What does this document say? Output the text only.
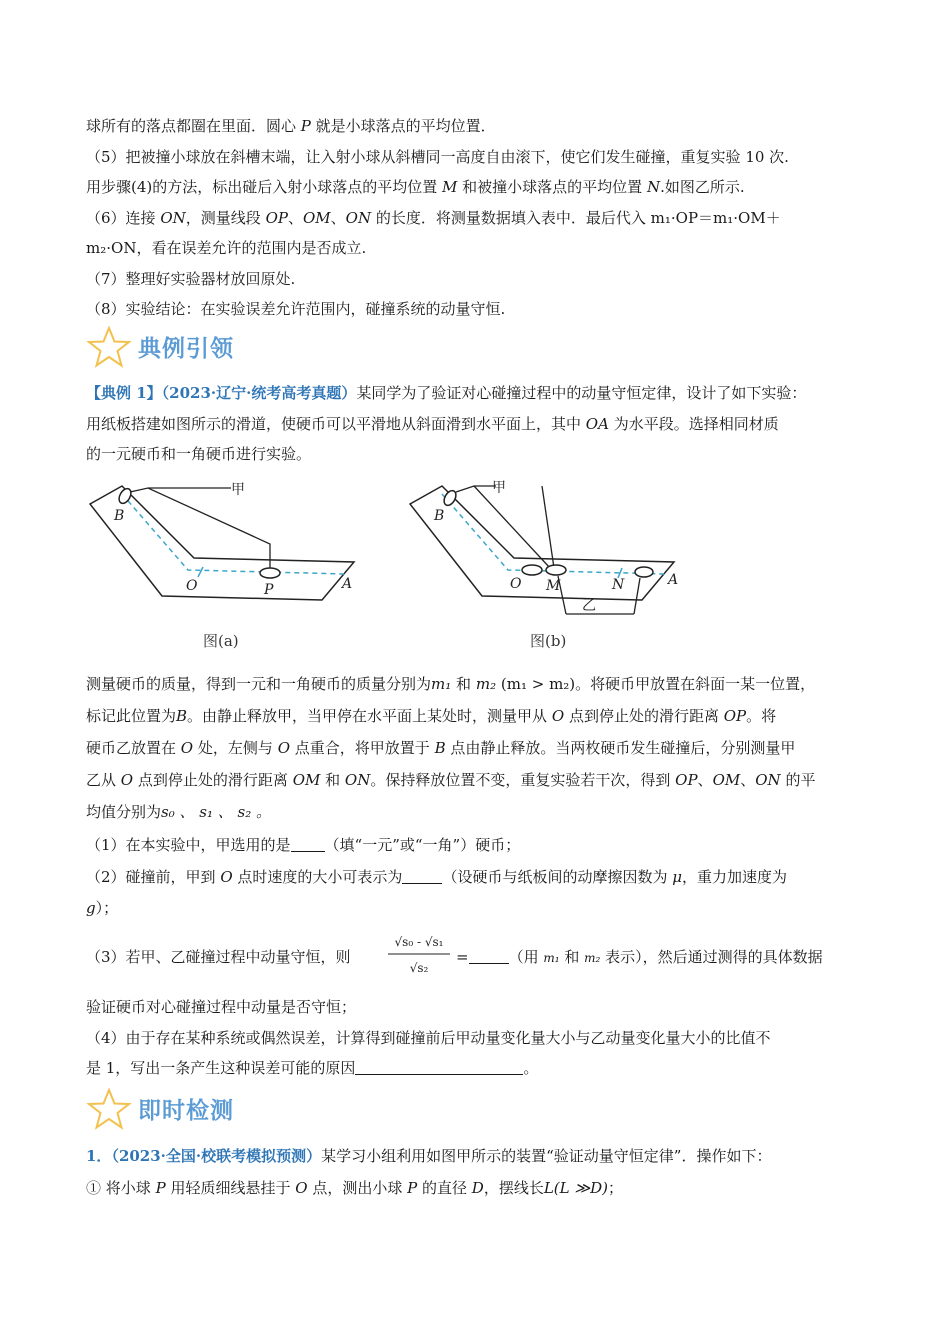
球所有的落点都圈在里面．圆心 P 就是小球落点的平均位置．
（5）把被撞小球放在斜槽末端，让入射小球从斜槽同一高度自由滚下，使它们发生碰撞，重复实验 10 次.
用步骤(4)的方法，标出碰后入射小球落点的平均位置 M 和被撞小球落点的平均位置 N.如图乙所示.
（6）连接 ON，测量线段 OP、OM、ON 的长度．将测量数据填入表中．最后代入 m₁·OP＝m₁·OM＋
m₂·ON，看在误差允许的范围内是否成立.
（7）整理好实验器材放回原处.
（8）实验结论：在实验误差允许范围内，碰撞系统的动量守恒.
典例引领
【典例 1】（2023·辽宁·统考高考真题）某同学为了验证对心碰撞过程中的动量守恒定律，设计了如下实验：
用纸板搭建如图所示的滑道，使硬币可以平滑地从斜面滑到水平面上，其中 OA 为水平段。选择相同材质
的一元硬币和一角硬币进行实验。
甲
B
O	P	A
图(a)
甲
B
O M	N	A
乙
图(b)
测量硬币的质量，得到一元和一角硬币的质量分别为m₁ 和 m₂ (m₁ > m₂)。将硬币甲放置在斜面一某一位置，
标记此位置为B。由静止释放甲，当甲停在水平面上某处时，测量甲从 O 点到停止处的滑行距离 OP。将
硬币乙放置在 O 处，左侧与 O 点重合，将甲放置于 B 点由静止释放。当两枚硬币发生碰撞后，分别测量甲
乙从 O 点到停止处的滑行距离 OM 和 ON。保持释放位置不变，重复实验若干次，得到 OP、OM、ON 的平
均值分别为s₀ 、 s₁ 、 s₂ 。
（1）在本实验中，甲选用的是 （填“一元”或“一角”）硬币；
（2）碰撞前，甲到 O 点时速度的大小可表示为	（设硬币与纸板间的动摩擦因数为 μ，重力加速度为
g）；
（3）若甲、乙碰撞过程中动量守恒，则
√s₀ - √s₁
√s₂
=	（用 m₁ 和 m₂ 表示），然后通过测得的具体数据
验证硬币对心碰撞过程中动量是否守恒；
（4）由于存在某种系统或偶然误差，计算得到碰撞前后甲动量变化量大小与乙动量变化量大小的比值不
是 1，写出一条产生这种误差可能的原因	。
即时检测
1．（2023·全国·校联考模拟预测）某学习小组利用如图甲所示的装置“验证动量守恒定律”．操作如下：
① 将小球 P 用轻质细线悬挂于 O 点，测出小球 P 的直径 D，摆线长L(L ≫D)；
